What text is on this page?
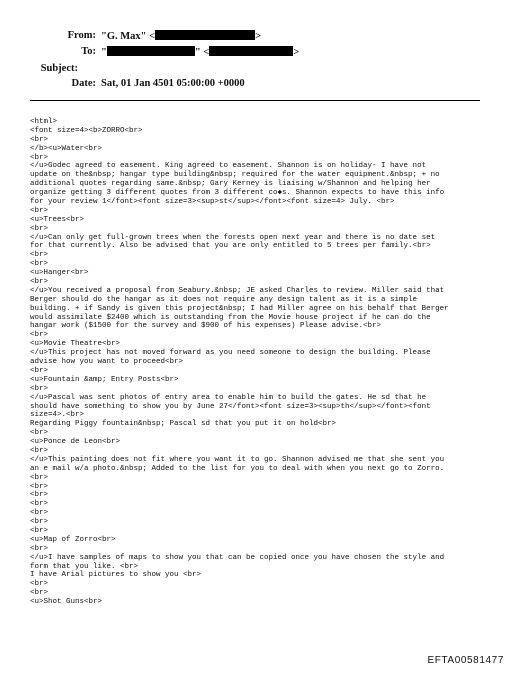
From: "G. Max" <	>
To: "	" <	>
Subject:
Date: Sat, 01 Jan 4501 05:00:00 +0000
<html>
<font size=4><b>ZORRO<br>
<br>
</b><u>Water<br>
<br>
</u>Godec agreed to easement. King agreed to easement. Shannon is on holiday- I have not
update on the&nbsp; hangar type building&nbsp; required for the water equipment.&nbsp; + no
additional quotes regarding same.&nbsp; Gary Kerney is liaising w/Shannon and helping her
organize getting 3 different quotes from 3 different co◆s. Shannon expects to have this info
for your review 1</font><font size=3><sup>st</sup></font><font size=4> July. <br>
<br>
<u>Trees<br>
<br>
</u>Can only get full-grown trees when the forests open next year and there is no date set
for that currently. Also be advised that you are only entitled to 5 trees per family.<br>
<br>
<br>
<u>Hanger<br>
<br>
</u>You received a proposal from Seabury.&nbsp; JE asked Charles to review. Miller said that
Berger should do the hangar as it does not require any design talent as it is a simple
building. + if Sandy is given this project&nbsp; I had Miller agree on his behalf that Berger
would assimilate $2400 which is outstanding from the Movie house project if he can do the
hangar work ($1500 for the survey and $900 of his expenses) Please advise.<br>
<br>
<u>Movie Theatre<br>
</u>This project has not moved forward as you need someone to design the building. Please
advise how you want to proceed<br>
<br>
<u>Fountain &amp; Entry Posts<br>
<br>
</u>Pascal was sent photos of entry area to enable him to build the gates. He sd that he
should have something to show you by June 27</font><font size=3><sup>th</sup></font><font
size=4>.<br>
Regarding Piggy fountain&nbsp; Pascal sd that you put it on hold<br>
<br>
<u>Ponce de Leon<br>
<br>
</u>This painting does not fit where you want it to go. Shannon advised me that she sent you
an e mail w/a photo.&nbsp; Added to the list for you to deal with when you next go to Zorro.
<br>
<br>
<br>
<br>
<br>
<br>
<br>
<u>Map of Zorro<br>
<br>
</u>I have samples of maps to show you that can be copied once you have chosen the style and
form that you like. <br>
I have Arial pictures to show you <br>
<br>
<br>
<u>Shot Guns<br>
EFTA00581477
